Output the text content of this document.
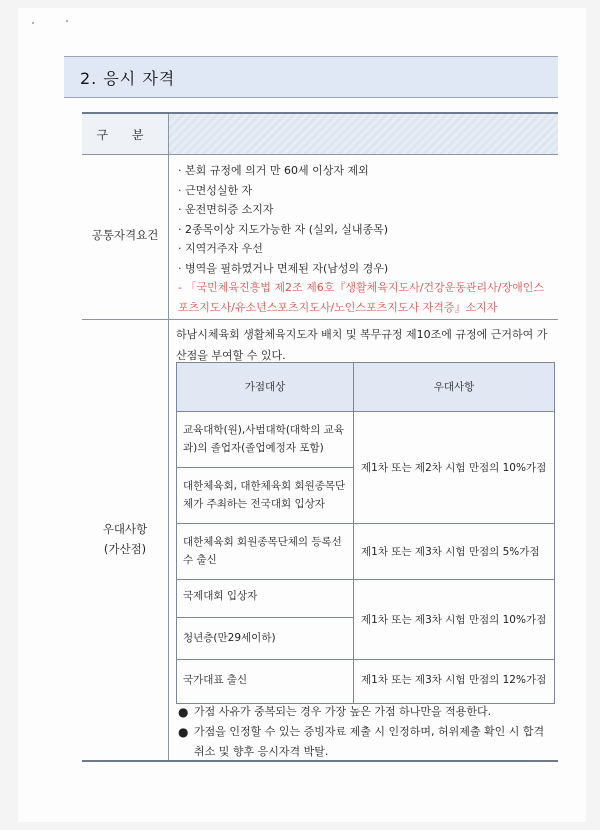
2. 응시 자격
구 분
공통자격요건
· 본회 규정에 의거 만 60세 이상자 제외
· 근면성실한 자
· 운전면허증 소지자
· 2종목이상 지도가능한 자 (실외, 실내종목)
· 지역거주자 우선
· 병역을 필하였거나 면제된 자(남성의 경우)
- 「국민체육진흥법 제2조 제6호『생활체육지도사/건강운동관리사/장애인스
포츠지도사/유소년스포츠지도사/노인스포츠지도사 자격증』소지자
우대사항
(가산점)
하남시체육회 생활체육지도자 배치 및 복무규정 제10조에 규정에 근거하여 가산점을 부여할 수 있다.
가점대상	우대사항
교육대학(원),사범대학(대학의 교육과)의 졸업자(졸업예정자 포함)
대한체육회, 대한체육회 회원종목단체가 주최하는 전국대회 입상자
대한체육회 회원종목단체의 등록선수 출신
국제대회 입상자
청년층(만29세이하)
국가대표 출신
제1차 또는 제2차 시험 만점의 10%가점
제1차 또는 제3차 시험 만점의 5%가점
제1차 또는 제3차 시험 만점의 10%가점
제1차 또는 제3차 시험 만점의 12%가점
● 가점 사유가 중복되는 경우 가장 높은 가점 하나만을 적용한다.
● 가점을 인정할 수 있는 증빙자료 제출 시 인정하며, 허위제출 확인 시 합격 취소 및 향후 응시자격 박탈.
